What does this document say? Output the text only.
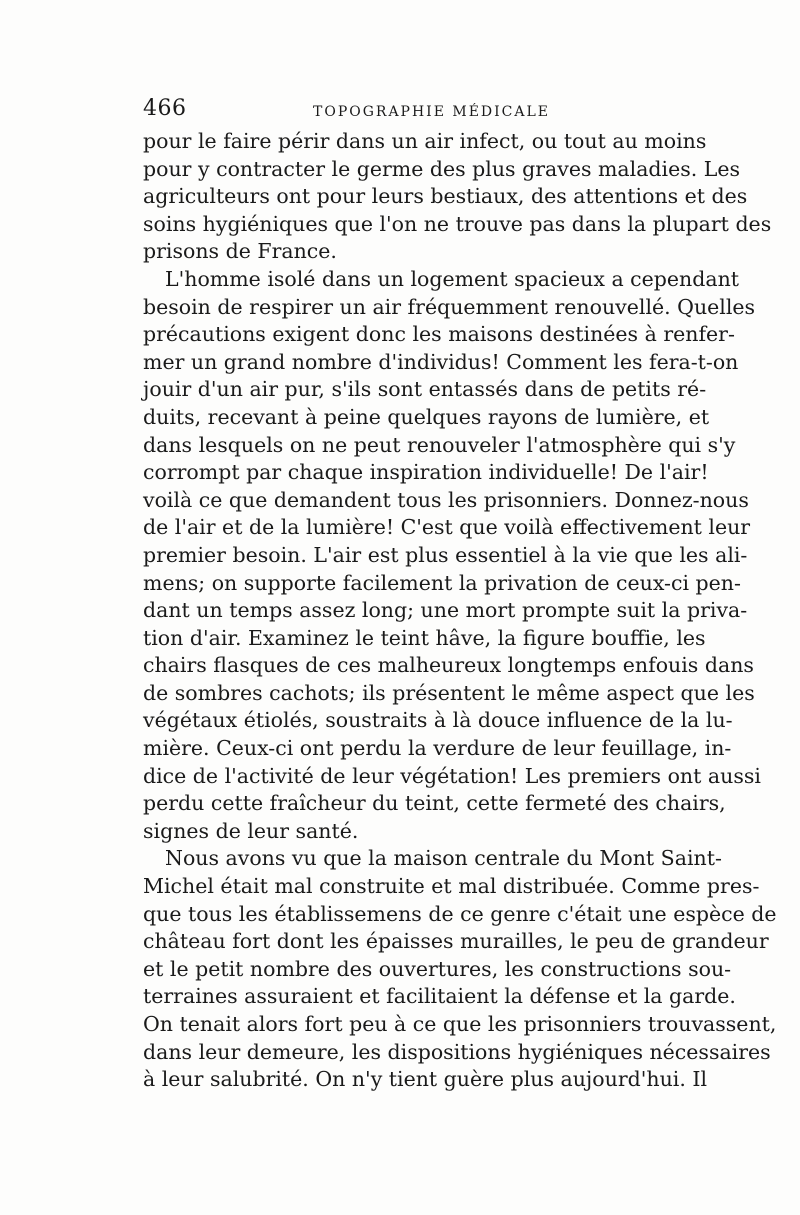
466	TOPOGRAPHIE MÉDICALE
pour le faire périr dans un air infect, ou tout au moins
pour y contracter le germe des plus graves maladies. Les
agriculteurs ont pour leurs bestiaux, des attentions et des
soins hygiéniques que l'on ne trouve pas dans la plupart des
prisons de France.
L'homme isolé dans un logement spacieux a cependant
besoin de respirer un air fréquemment renouvellé. Quelles
précautions exigent donc les maisons destinées à renfer-
mer un grand nombre d'individus! Comment les fera-t-on
jouir d'un air pur, s'ils sont entassés dans de petits ré-
duits, recevant à peine quelques rayons de lumière, et
dans lesquels on ne peut renouveler l'atmosphère qui s'y
corrompt par chaque inspiration individuelle! De l'air!
voilà ce que demandent tous les prisonniers. Donnez-nous
de l'air et de la lumière! C'est que voilà effectivement leur
premier besoin. L'air est plus essentiel à la vie que les ali-
mens; on supporte facilement la privation de ceux-ci pen-
dant un temps assez long; une mort prompte suit la priva-
tion d'air. Examinez le teint hâve, la figure bouffie, les
chairs flasques de ces malheureux longtemps enfouis dans
de sombres cachots; ils présentent le même aspect que les
végétaux étiolés, soustraits à là douce influence de la lu-
mière. Ceux-ci ont perdu la verdure de leur feuillage, in-
dice de l'activité de leur végétation! Les premiers ont aussi
perdu cette fraîcheur du teint, cette fermeté des chairs,
signes de leur santé.
Nous avons vu que la maison centrale du Mont Saint-
Michel était mal construite et mal distribuée. Comme pres-
que tous les établissemens de ce genre c'était une espèce de
château fort dont les épaisses murailles, le peu de grandeur
et le petit nombre des ouvertures, les constructions sou-
terraines assuraient et facilitaient la défense et la garde.
On tenait alors fort peu à ce que les prisonniers trouvassent,
dans leur demeure, les dispositions hygiéniques nécessaires
à leur salubrité. On n'y tient guère plus aujourd'hui. Il
